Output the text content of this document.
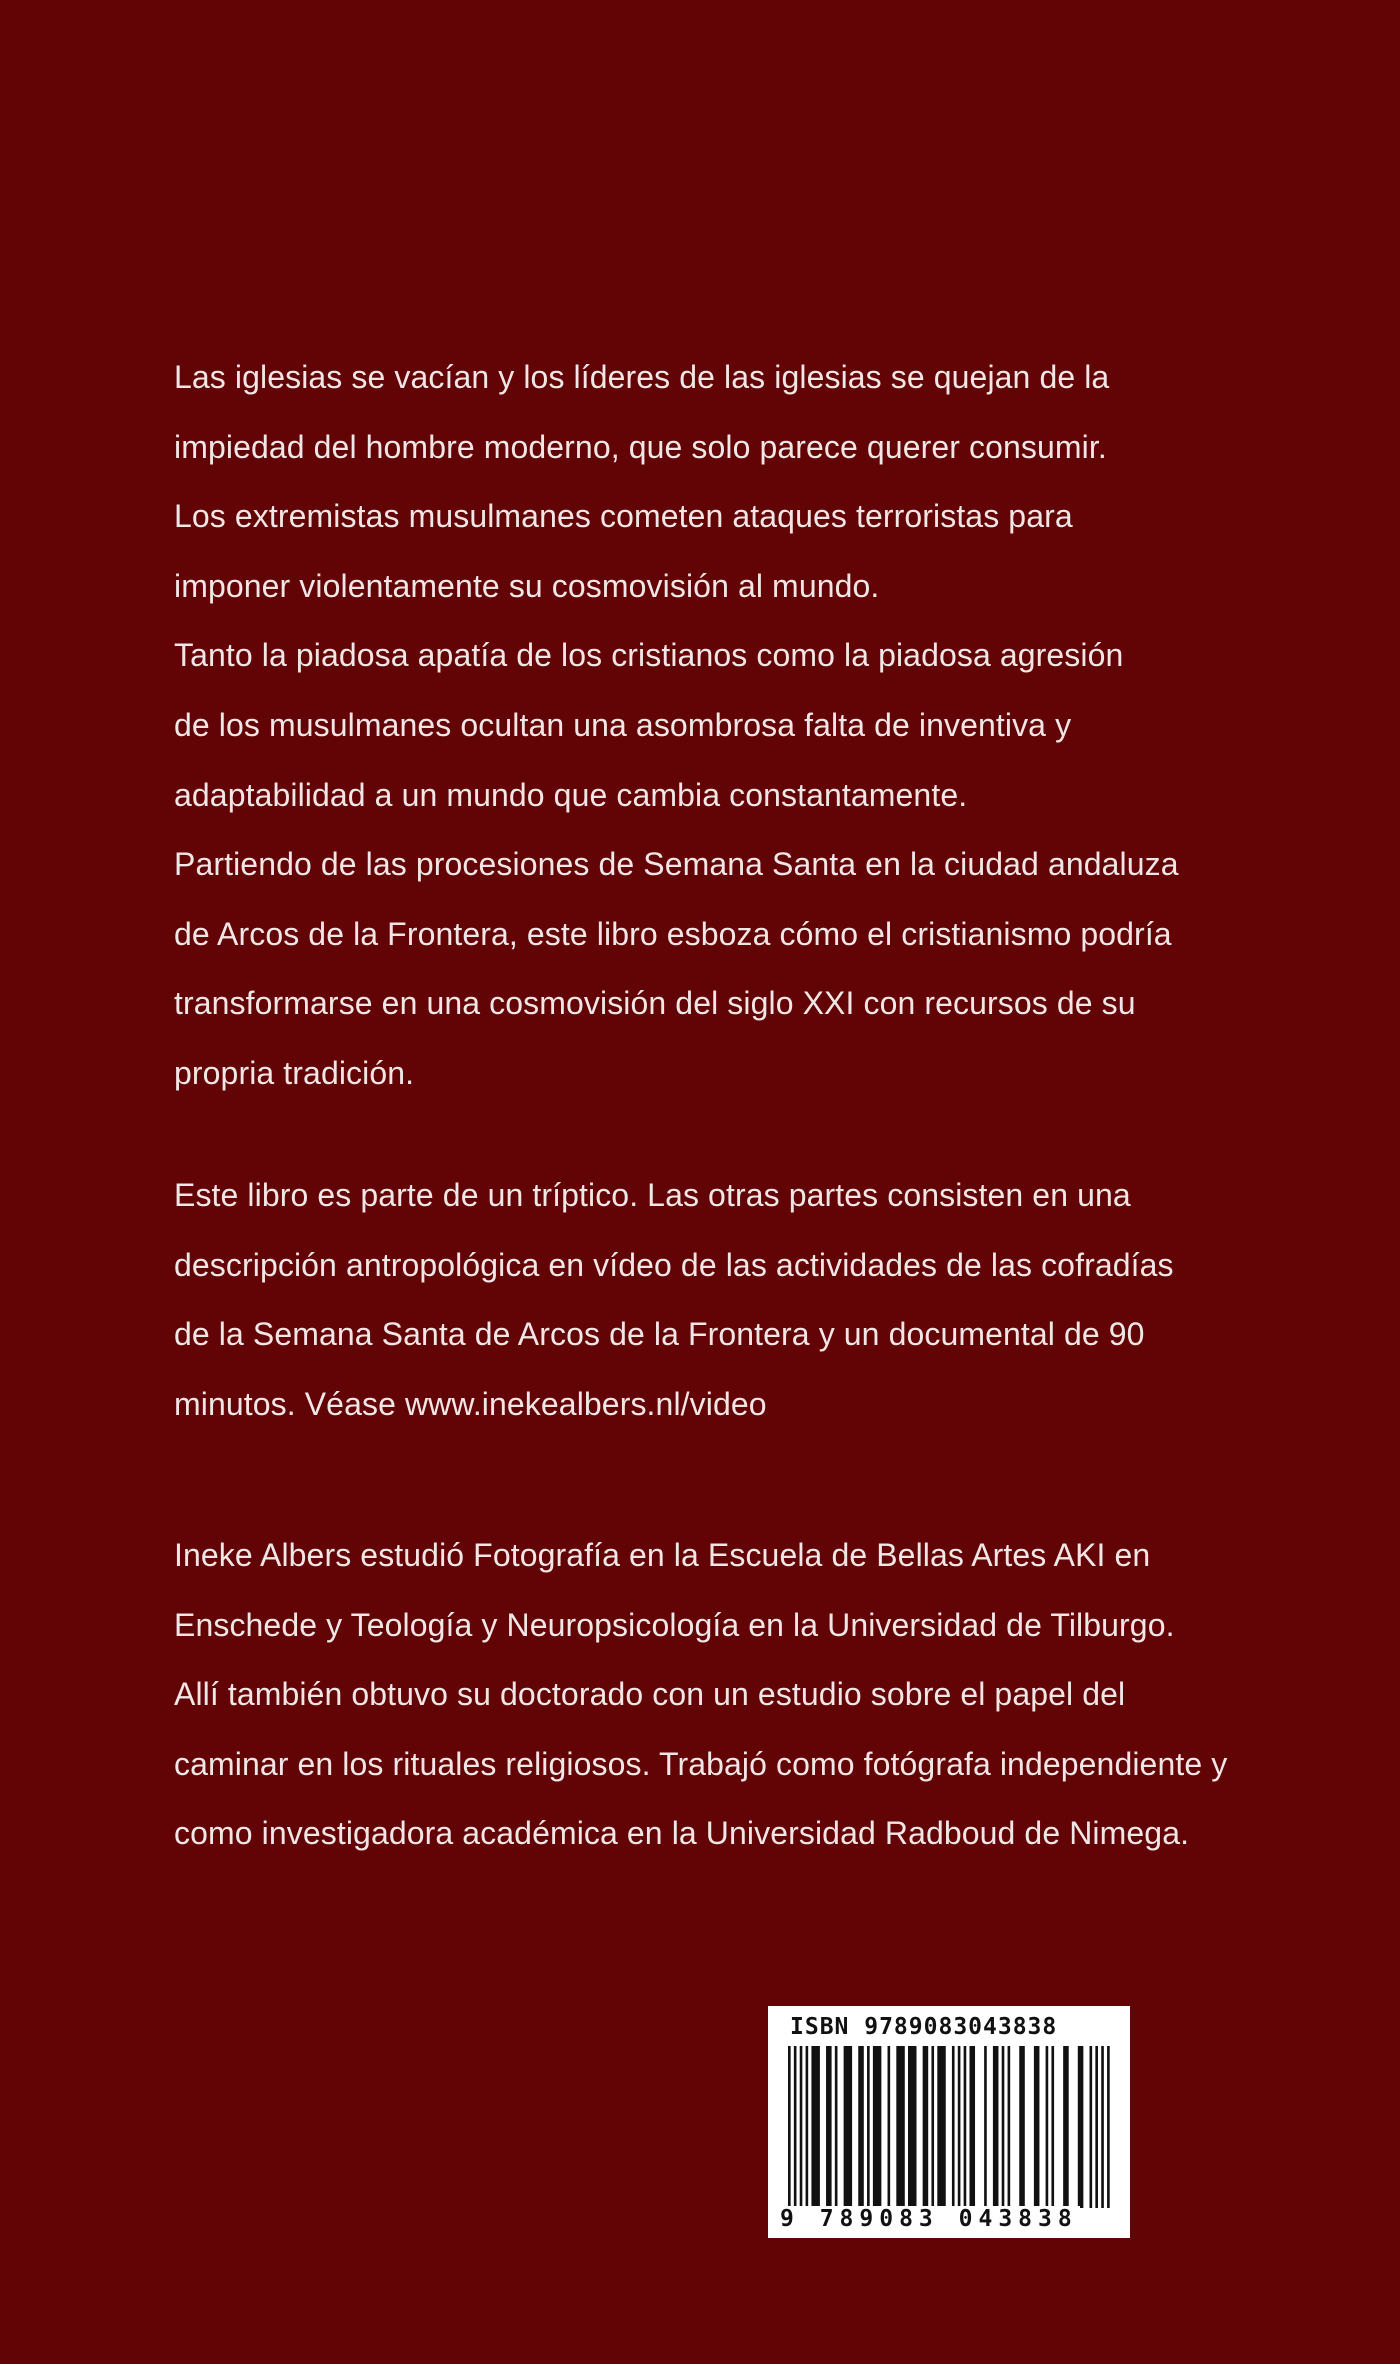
Las iglesias se vacían y los líderes de las iglesias se quejan de la
impiedad del hombre moderno, que solo parece querer consumir.
Los extremistas musulmanes cometen ataques terroristas para
imponer violentamente su cosmovisión al mundo.
Tanto la piadosa apatía de los cristianos como la piadosa agresión
de los musulmanes ocultan una asombrosa falta de inventiva y
adaptabilidad a un mundo que cambia constantamente.
Partiendo de las procesiones de Semana Santa en la ciudad andaluza
de Arcos de la Frontera, este libro esboza cómo el cristianismo podría
transformarse en una cosmovisión del siglo XXI con recursos de su
propria tradición.
Este libro es parte de un tríptico. Las otras partes consisten en una
descripción antropológica en vídeo de las actividades de las cofradías
de la Semana Santa de Arcos de la Frontera y un documental de 90
minutos. Véase www.inekealbers.nl/video
Ineke Albers estudió Fotografía en la Escuela de Bellas Artes AKI en
Enschede y Teología y Neuropsicología en la Universidad de Tilburgo.
Allí también obtuvo su doctorado con un estudio sobre el papel del
caminar en los rituales religiosos. Trabajó como fotógrafa independiente y
como investigadora académica en la Universidad Radboud de Nimega.
ISBN 9789083043838
9 789083 043838
